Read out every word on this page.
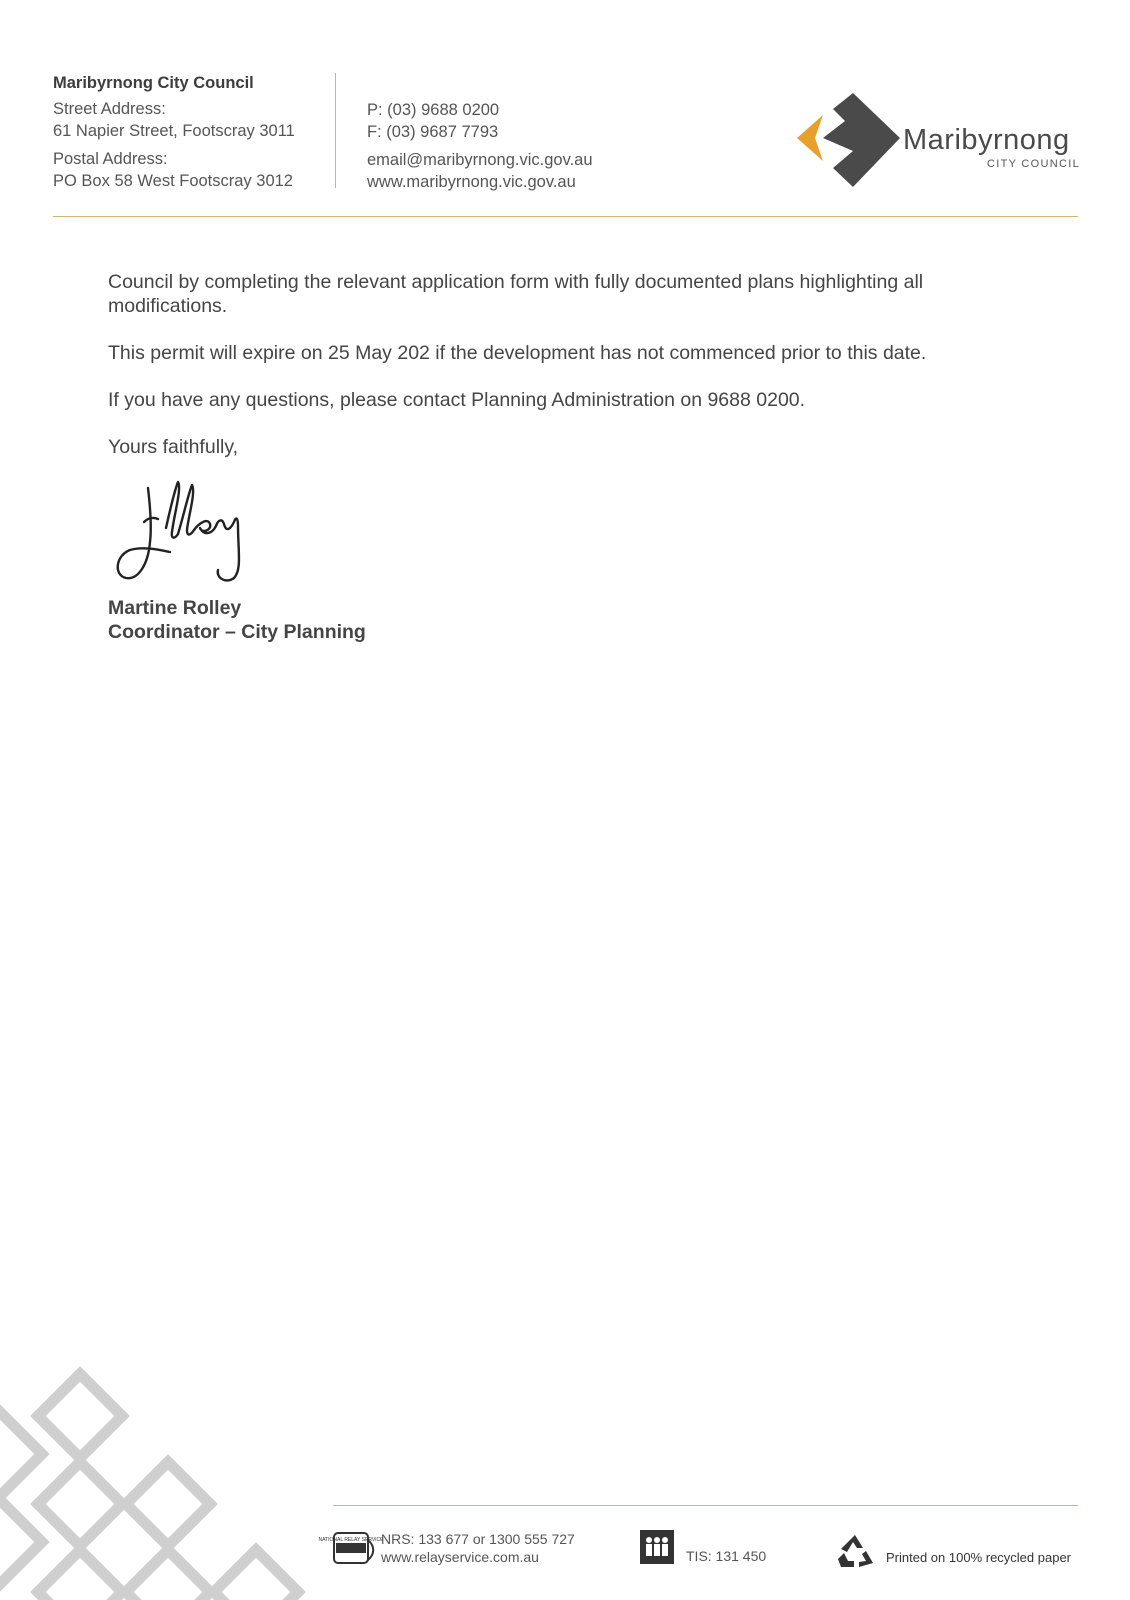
Maribyrnong City Council
Street Address:
61 Napier Street, Footscray 3011
Postal Address:
PO Box 58 West Footscray 3012
P: (03) 9688 0200
F: (03) 9687 7793
email@maribyrnong.vic.gov.au
www.maribyrnong.vic.gov.au
Maribyrnong
CITY COUNCIL

Council by completing the relevant application form with fully documented plans highlighting all modifications.

This permit will expire on 25 May 202 if the development has not commenced prior to this date.

If you have any questions, please contact Planning Administration on 9688 0200.

Yours faithfully,

Martine Rolley
Coordinator – City Planning
NATIONAL RELAY SERVICE
NRS: 133 677 or 1300 555 727
www.relayservice.com.au	TIS: 131 450	Printed on 100% recycled paper
